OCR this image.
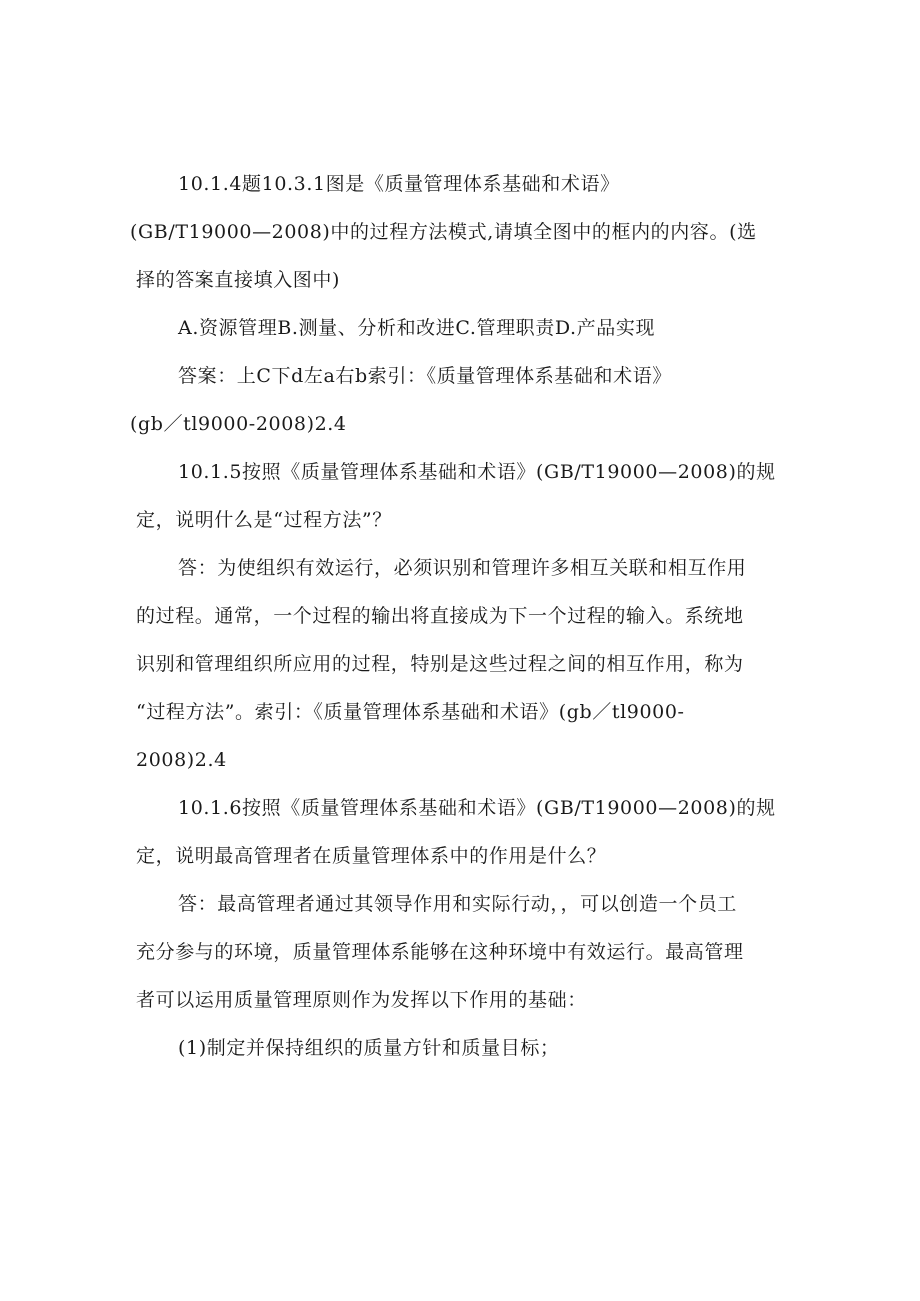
10.1.4题10.3.1图是《质量管理体系基础和术语》
(GB/T19000—2008)中的过程方法模式,请填全图中的框内的内容。(选
择的答案直接填入图中)
A.资源管理B.测量、分析和改进C.管理职责D.产品实现
答案：上C下d左a右b索引：《质量管理体系基础和术语》
(gb／tl9000-2008)2.4
10.1.5按照《质量管理体系基础和术语》(GB/T19000—2008)的规
定，说明什么是“过程方法”？
答：为使组织有效运行，必须识别和管理许多相互关联和相互作用
的过程。通常，一个过程的输出将直接成为下一个过程的输入。系统地
识别和管理组织所应用的过程，特别是这些过程之间的相互作用，称为
“过程方法”。索引：《质量管理体系基础和术语》(gb／tl9000-
2008)2.4
10.1.6按照《质量管理体系基础和术语》(GB/T19000—2008)的规
定，说明最高管理者在质量管理体系中的作用是什么？
答：最高管理者通过其领导作用和实际行动，，可以创造一个员工
充分参与的环境，质量管理体系能够在这种环境中有效运行。最高管理
者可以运用质量管理原则作为发挥以下作用的基础：
(1)制定并保持组织的质量方针和质量目标；
